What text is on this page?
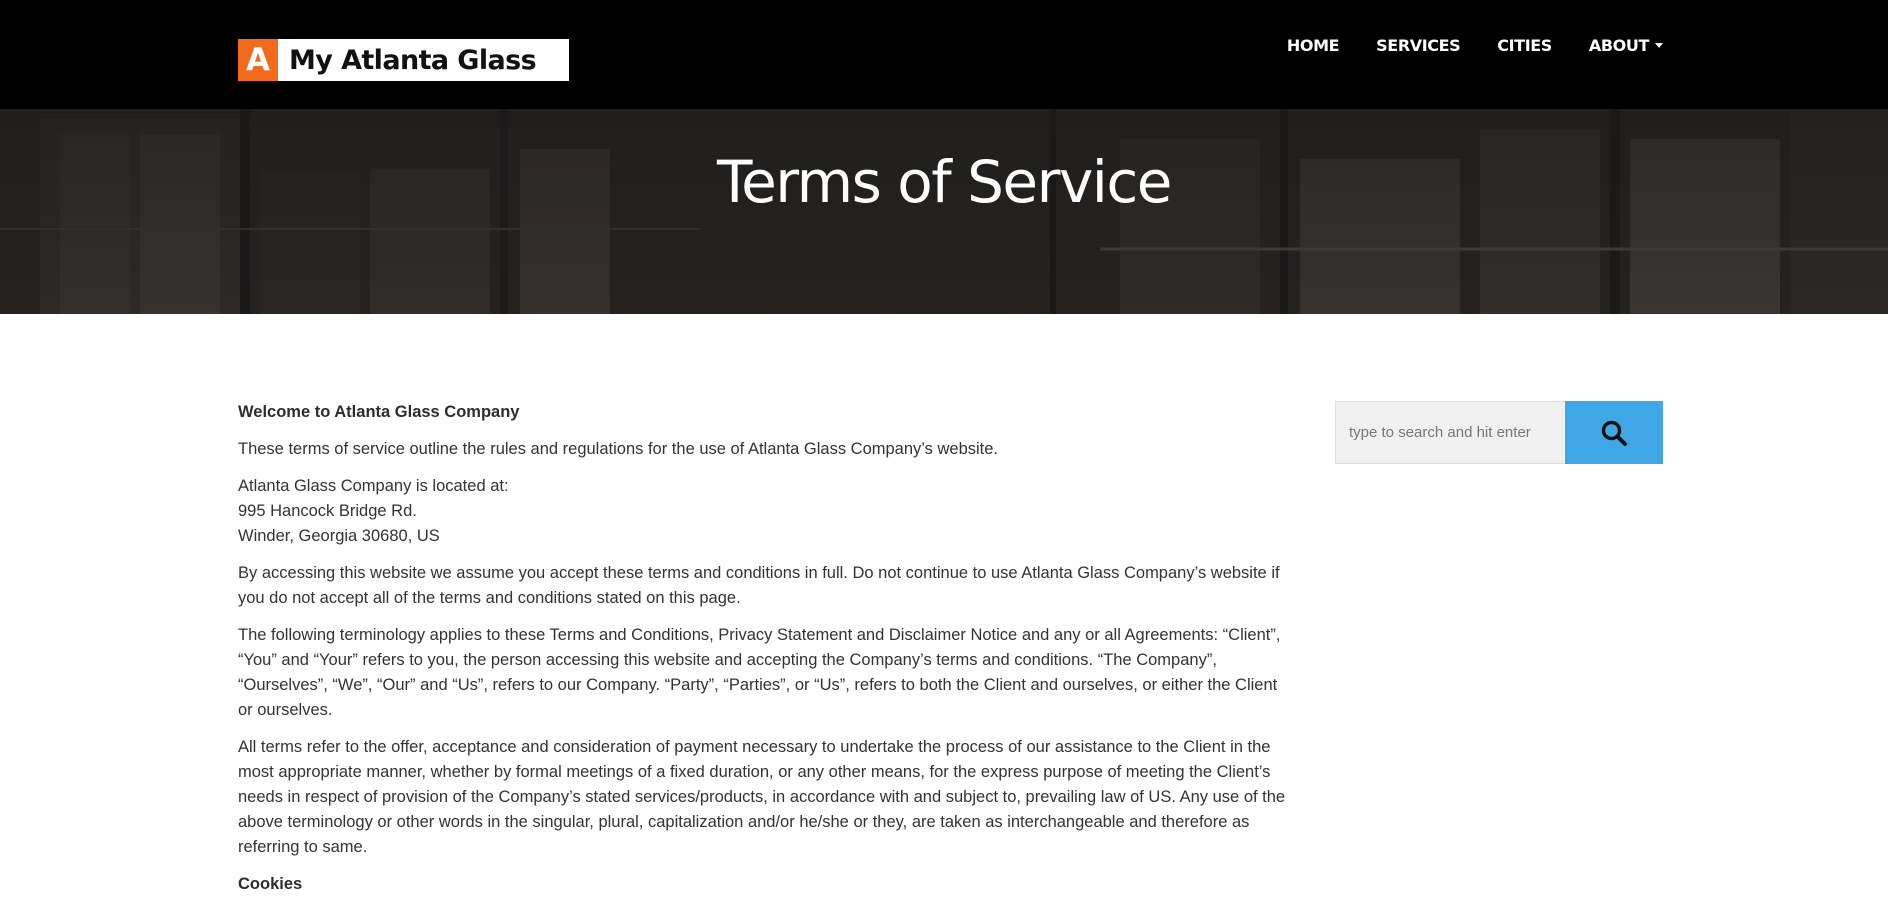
A My Atlanta Glass	HOME SERVICES CITIES ABOUT
Terms of Service
Welcome to Atlanta Glass Company

These terms of service outline the rules and regulations for the use of Atlanta Glass Company’s website.

Atlanta Glass Company is located at:
995 Hancock Bridge Rd.
Winder, Georgia 30680, US

By accessing this website we assume you accept these terms and conditions in full. Do not continue to use Atlanta Glass Company’s website if you do not accept all of the terms and conditions stated on this page.

The following terminology applies to these Terms and Conditions, Privacy Statement and Disclaimer Notice and any or all Agreements: “Client”, “You” and “Your” refers to you, the person accessing this website and accepting the Company’s terms and conditions. “The Company”, “Ourselves”, “We”, “Our” and “Us”, refers to our Company. “Party”, “Parties”, or “Us”, refers to both the Client and ourselves, or either the Client or ourselves.

All terms refer to the offer, acceptance and consideration of payment necessary to undertake the process of our assistance to the Client in the most appropriate manner, whether by formal meetings of a fixed duration, or any other means, for the express purpose of meeting the Client’s needs in respect of provision of the Company’s stated services/products, in accordance with and subject to, prevailing law of US. Any use of the above terminology or other words in the singular, plural, capitalization and/or he/she or they, are taken as interchangeable and therefore as referring to same.

Cookies
type to search and hit enter
